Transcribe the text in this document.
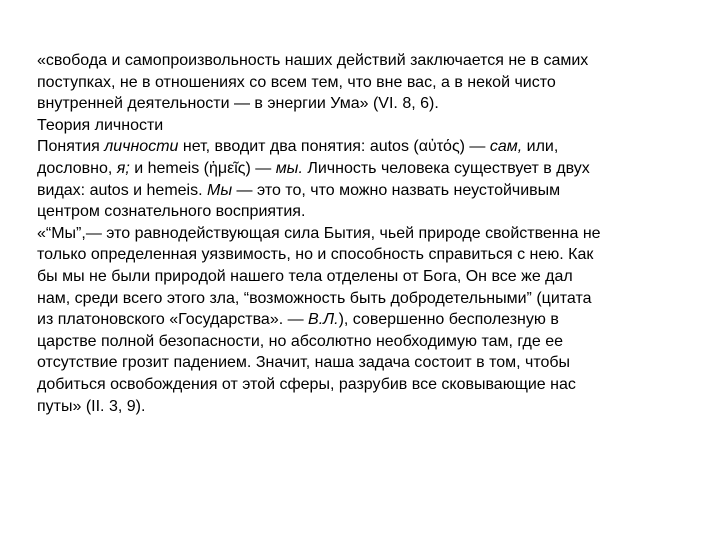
«свобода и самопроизвольность наших действий заключается не в самих
поступках, не в отношениях со всем тем, что вне вас, а в некой чисто
внутренней деятельности — в энергии Ума» (VI. 8, 6).
Теория личности
Понятия личности нет, вводит два понятия: autos (αὐτός) — сам, или,
дословно, я; и hemeis (ἡμεῖς) — мы. Личность человека существует в двух
видах: autos и hemeis. Мы — это то, что можно назвать неустойчивым
центром сознательного восприятия.
«“Мы”,— это равнодействующая сила Бытия, чьей природе свойственна не
только определенная уязвимость, но и способность справиться с нею. Как
бы мы не были природой нашего тела отделены от Бога, Он все же дал
нам, среди всего этого зла, “возможность быть добродетельными” (цитата
из платоновского «Государства». — В.Л.), совершенно бесполезную в
царстве полной безопасности, но абсолютно необходимую там, где ее
отсутствие грозит падением. Значит, наша задача состоит в том, чтобы
добиться освобождения от этой сферы, разрубив все сковывающие нас
путы» (II. 3, 9).
